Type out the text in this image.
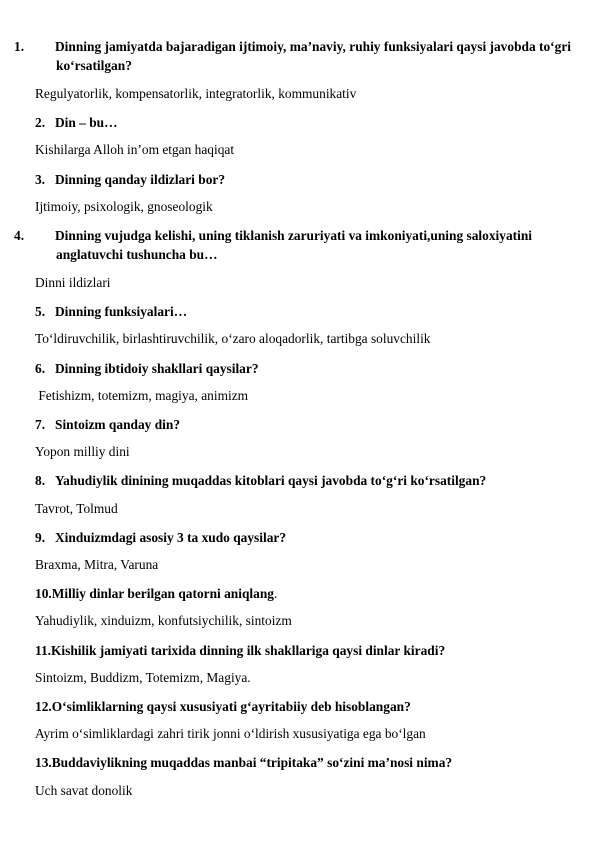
1. Dinning jamiyatda bajaradigan ijtimoiy, ma’naviy, ruhiy funksiyalari qaysi javobda to‘gri ko‘rsatilgan?
Regulyatorlik, kompensatorlik, integratorlik, kommunikativ
2. Din – bu…
Kishilarga Alloh in’om etgan haqiqat
3. Dinning qanday ildizlari bor?
Ijtimoiy, psixologik, gnoseologik
4. Dinning vujudga kelishi, uning tiklanish zaruriyati va imkoniyati,uning saloxiyatini anglatuvchi tushuncha bu…
Dinni ildizlari
5. Dinning funksiyalari…
To‘ldiruvchilik, birlashtiruvchilik, o‘zaro aloqadorlik, tartibga soluvchilik
6. Dinning ibtidoiy shakllari qaysilar?
Fetishizm, totemizm, magiya, animizm
7. Sintoizm qanday din?
Yopon milliy dini
8. Yahudiylik dinining muqaddas kitoblari qaysi javobda to‘g‘ri ko‘rsatilgan?
Tavrot, Tolmud
9. Xinduizmdagi asosiy 3 ta xudo qaysilar?
Braxma, Mitra, Varuna
10.Milliy dinlar berilgan qatorni aniqlang.
Yahudiylik, xinduizm, konfutsiychilik, sintoizm
11.Kishilik jamiyati tarixida dinning ilk shakllariga qaysi dinlar kiradi?
Sintoizm, Buddizm, Totemizm, Magiya.
12.O‘simliklarning qaysi xususiyati g‘ayritabiiy deb hisoblangan?
Ayrim o‘simliklardagi zahri tirik jonni o‘ldirish xususiyatiga ega bo‘lgan
13.Buddaviylikning muqaddas manbai “tripitaka” so‘zini ma’nosi nima?
Uch savat donolik
